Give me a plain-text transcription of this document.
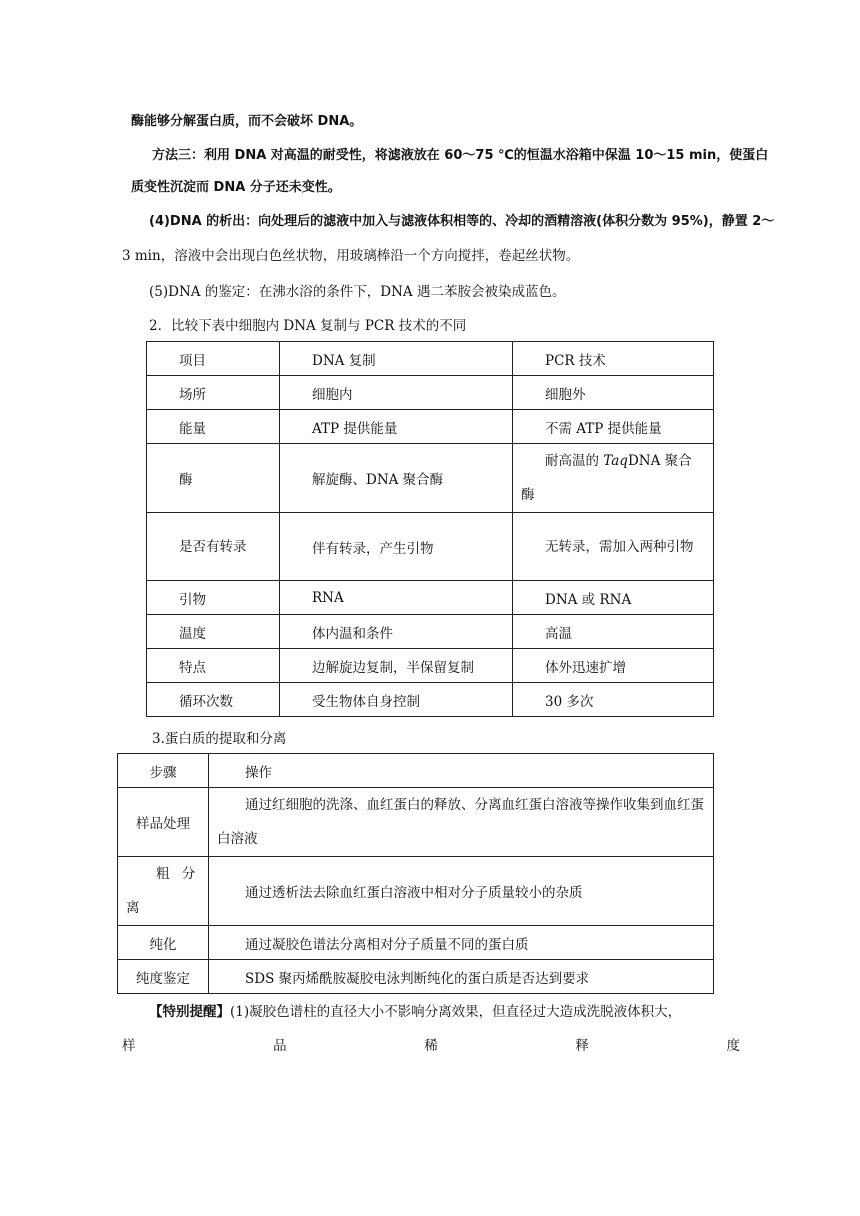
酶能够分解蛋白质，而不会破坏 DNA。
方法三：利用 DNA 对高温的耐受性，将滤液放在 60～75 ℃的恒温水浴箱中保温 10～15 min，使蛋白
质变性沉淀而 DNA 分子还未变性。
(4)DNA 的析出：向处理后的滤液中加入与滤液体积相等的、冷却的酒精溶液(体积分数为 95%)，静置 2～
3 min，溶液中会出现白色丝状物，用玻璃棒沿一个方向搅拌，卷起丝状物。
(5)DNA 的鉴定：在沸水浴的条件下，DNA 遇二苯胺会被染成蓝色。
2．比较下表中细胞内 DNA 复制与 PCR 技术的不同
项目	DNA 复制	PCR 技术
场所	细胞内	细胞外
能量	ATP 提供能量	不需 ATP 提供能量
酶	解旋酶、DNA 聚合酶	耐高温的 TaqDNA 聚合酶
是否有转录	伴有转录，产生引物	无转录，需加入两种引物
引物	RNA	DNA 或 RNA
温度	体内温和条件	高温
特点	边解旋边复制，半保留复制	体外迅速扩增
循环次数	受生物体自身控制	30 多次
3.蛋白质的提取和分离
步骤	操作
样品处理	通过红细胞的洗涤、血红蛋白的释放、分离血红蛋白溶液等操作收集到血红蛋白溶液
粗 分 离	通过透析法去除血红蛋白溶液中相对分子质量较小的杂质
纯化	通过凝胶色谱法分离相对分子质量不同的蛋白质
纯度鉴定	SDS 聚丙烯酰胺凝胶电泳判断纯化的蛋白质是否达到要求
【特别提醒】(1)凝胶色谱柱的直径大小不影响分离效果，但直径过大造成洗脱液体积大，
样	品	稀	释	度
